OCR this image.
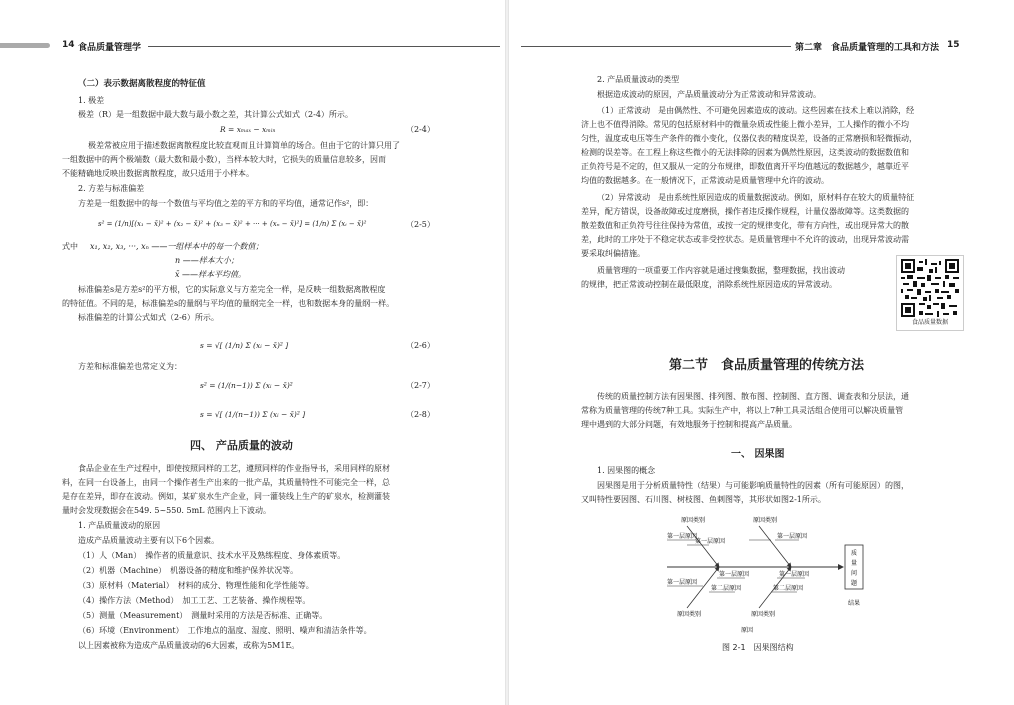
14 食品质量管理学
（二）表示数据离散程度的特征值
1. 极差
极差（R）是一组数据中最大数与最小数之差，其计算公式如式（2-4）所示。
R = xₘₐₓ − xₘᵢₙ	（2-4）
极差常被应用于描述数据离散程度比较直观而且计算简单的场合。但由于它的计算只用了
一组数据中的两个极端数（最大数和最小数），当样本较大时，它损失的质量信息较多，因而
不能精确地反映出数据离散程度，故只适用于小样本。
2. 方差与标准偏差
方差是一组数据中的每一个数值与平均值之差的平方和的平均值，通常记作s²，即：
s² = (1/n)[(x₁ − x̄)² + (x₂ − x̄)² + (x₃ − x̄)² + ··· + (xₙ − x̄)²] = (1/n) Σ (xᵢ − x̄)²	（2-5）
式中 x₁, x₂, x₃, ···, xₙ ——一组样本中的每一个数值；
n ——样本大小；
x̄ ——样本平均值。
标准偏差s是方差s²的平方根，它的实际意义与方差完全一样，是反映一组数据离散程度
的特征值。不同的是，标准偏差s的量纲与平均值的量纲完全一样，也和数据本身的量纲一样。
标准偏差的计算公式如式（2-6）所示。
s = √[ (1/n) Σ (xᵢ − x̄)² ]	（2-6）
方差和标准偏差也常定义为：
s² = (1/(n−1)) Σ (xᵢ − x̄)²	（2-7）
s = √[ (1/(n−1)) Σ (xᵢ − x̄)² ]	（2-8）
四、 产品质量的波动
食品企业在生产过程中，即使按照同样的工艺，遵照同样的作业指导书，采用同样的原材
料，在同一台设备上，由同一个操作者生产出来的一批产品，其质量特性不可能完全一样，总
是存在差异，即存在波动。例如，某矿泉水生产企业，同一灌装线上生产的矿泉水，检测灌装
量时会发现数据会在549. 5~550. 5mL 范围内上下波动。
1. 产品质量波动的原因
造成产品质量波动主要有以下6个因素。
（1）人（Man）　操作者的质量意识、技术水平及熟练程度、身体素质等。
（2）机器（Machine）　机器设备的精度和维护保养状况等。
（3）原材料（Material）　材料的成分、物理性能和化学性能等。
（4）操作方法（Method）　加工工艺、工艺装备、操作规程等。
（5）测量（Measurement）　测量时采用的方法是否标准、正确等。
（6）环境（Environment）　工作地点的温度、湿度、照明、噪声和清洁条件等。
以上因素被称为造成产品质量波动的6大因素，或称为5M1E。
第二章　食品质量管理的工具和方法 15
2. 产品质量波动的类型
根据造成波动的原因，产品质量波动分为正常波动和异常波动。
（1）正常波动　是由偶然性、不可避免因素造成的波动。这些因素在技术上难以消除，经
济上也不值得消除。常见的包括原材料中的微量杂质或性能上微小差异，工人操作的微小不均
匀性，温度或电压等生产条件的微小变化，仪器仪表的精度误差，设备的正常磨损和轻微振动，
检测的误差等。在工程上称这些微小的无法排除的因素为偶然性原因，这类波动的数据数值和
正负符号是不定的，但又服从一定的分布规律，即数值离开平均值越远的数据越少，越靠近平
均值的数据越多。在一般情况下，正常波动是质量管理中允许的波动。
（2）异常波动　是由系统性原因造成的质量数据波动。例如，原材料存在较大的质量特征
差异，配方错误，设备故障或过度磨损，操作者违反操作规程，计量仪器故障等。这类数据的
散差数值和正负符号往往保持为常值，或按一定的规律变化，带有方向性，或出现异常大的散
差，此时的工序处于不稳定状态或非受控状态。是质量管理中不允许的波动，出现异常波动需
要采取纠偏措施。
质量管理的一项重要工作内容就是通过搜集数据，整理数据，找出波动
的规律，把正常波动控制在最低限度，消除系统性原因造成的异常波动。
食品质量数据
第二节　食品质量管理的传统方法
传统的质量控制方法有因果图、排列图、散布图、控制图、直方图、调查表和分层法，通
常称为质量管理的传统7种工具。实际生产中，将以上7种工具灵活组合使用可以解决质量管
理中遇到的大部分问题，有效地服务于控制和提高产品质量。
一、 因果图
1. 因果图的概念
因果图是用于分析质量特性（结果）与可能影响质量特性的因素（所有可能原因）的图，
又叫特性要因图、石川图、树枝图、鱼刺图等，其形状如图2-1所示。
原因类别	原因类别
第一层原因
第一层原因
第一层原因
第一层原因
第一层原因	第一层原因
第二层原因	第二层原因
原因类别	原因类别
质
量
问
题
结果
原因
图 2-1　因果图结构
